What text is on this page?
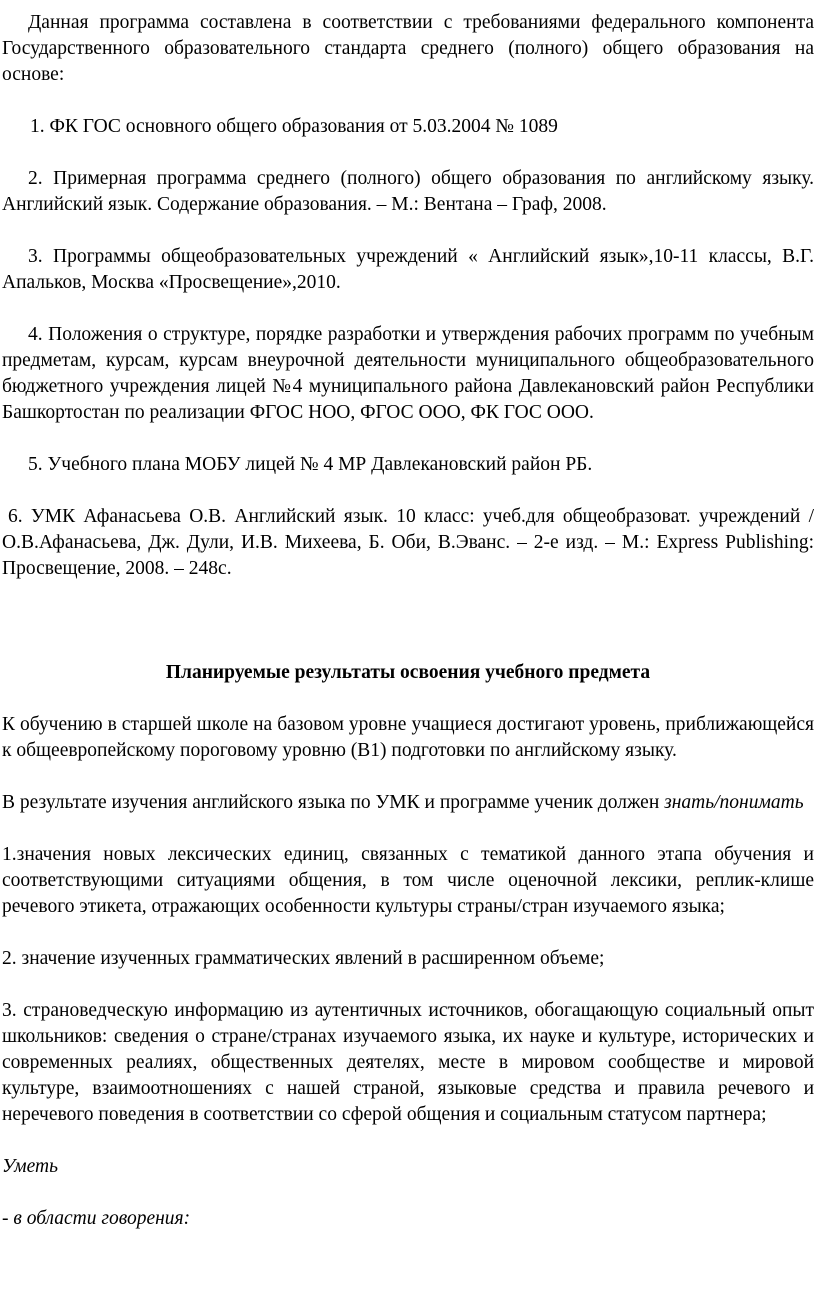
Данная программа составлена в соответствии с требованиями федерального компонента Государственного образовательного стандарта среднего (полного) общего образования на основе:

1. ФК ГОС основного общего образования от 5.03.2004 № 1089

2. Примерная программа среднего (полного) общего образования по английскому языку. Английский язык. Содержание образования. – М.: Вентана – Граф, 2008.

3. Программы общеобразовательных учреждений « Английский язык»,10-11 классы, В.Г. Апальков, Москва «Просвещение»,2010.

4. Положения о структуре, порядке разработки и утверждения рабочих программ по учебным предметам, курсам, курсам внеурочной деятельности муниципального общеобразовательного бюджетного учреждения лицей №4 муниципального района Давлекановский район Республики Башкортостан по реализации ФГОС НОО, ФГОС ООО, ФК ГОС ООО.

5. Учебного плана МОБУ лицей № 4 МР Давлекановский район РБ.

6. УМК Афанасьева О.В. Английский язык. 10 класс: учеб.для общеобразоват. учреждений / О.В.Афанасьева, Дж. Дули, И.В. Михеева, Б. Оби, В.Эванс. – 2-е изд. – М.: Express Publishing: Просвещение, 2008. – 248с.

Планируемые результаты освоения учебного предмета

К обучению в старшей школе на базовом уровне учащиеся достигают уровень, приближающейся к общеевропейскому пороговому уровню (В1) подготовки по английскому языку.

В результате изучения английского языка по УМК и программе ученик должен знать/понимать

1.значения новых лексических единиц, связанных с тематикой данного этапа обучения и соответствующими ситуациями общения, в том числе оценочной лексики, реплик-клише речевого этикета, отражающих особенности культуры страны/стран изучаемого языка;

2. значение изученных грамматических явлений в расширенном объеме;

3. страноведческую информацию из аутентичных источников, обогащающую социальный опыт школьников: сведения о стране/странах изучаемого языка, их науке и культуре, исторических и современных реалиях, общественных деятелях, месте в мировом сообществе и мировой культуре, взаимоотношениях с нашей страной, языковые средства и правила речевого и неречевого поведения в соответствии со сферой общения и социальным статусом партнера;

Уметь

- в области говорения:
